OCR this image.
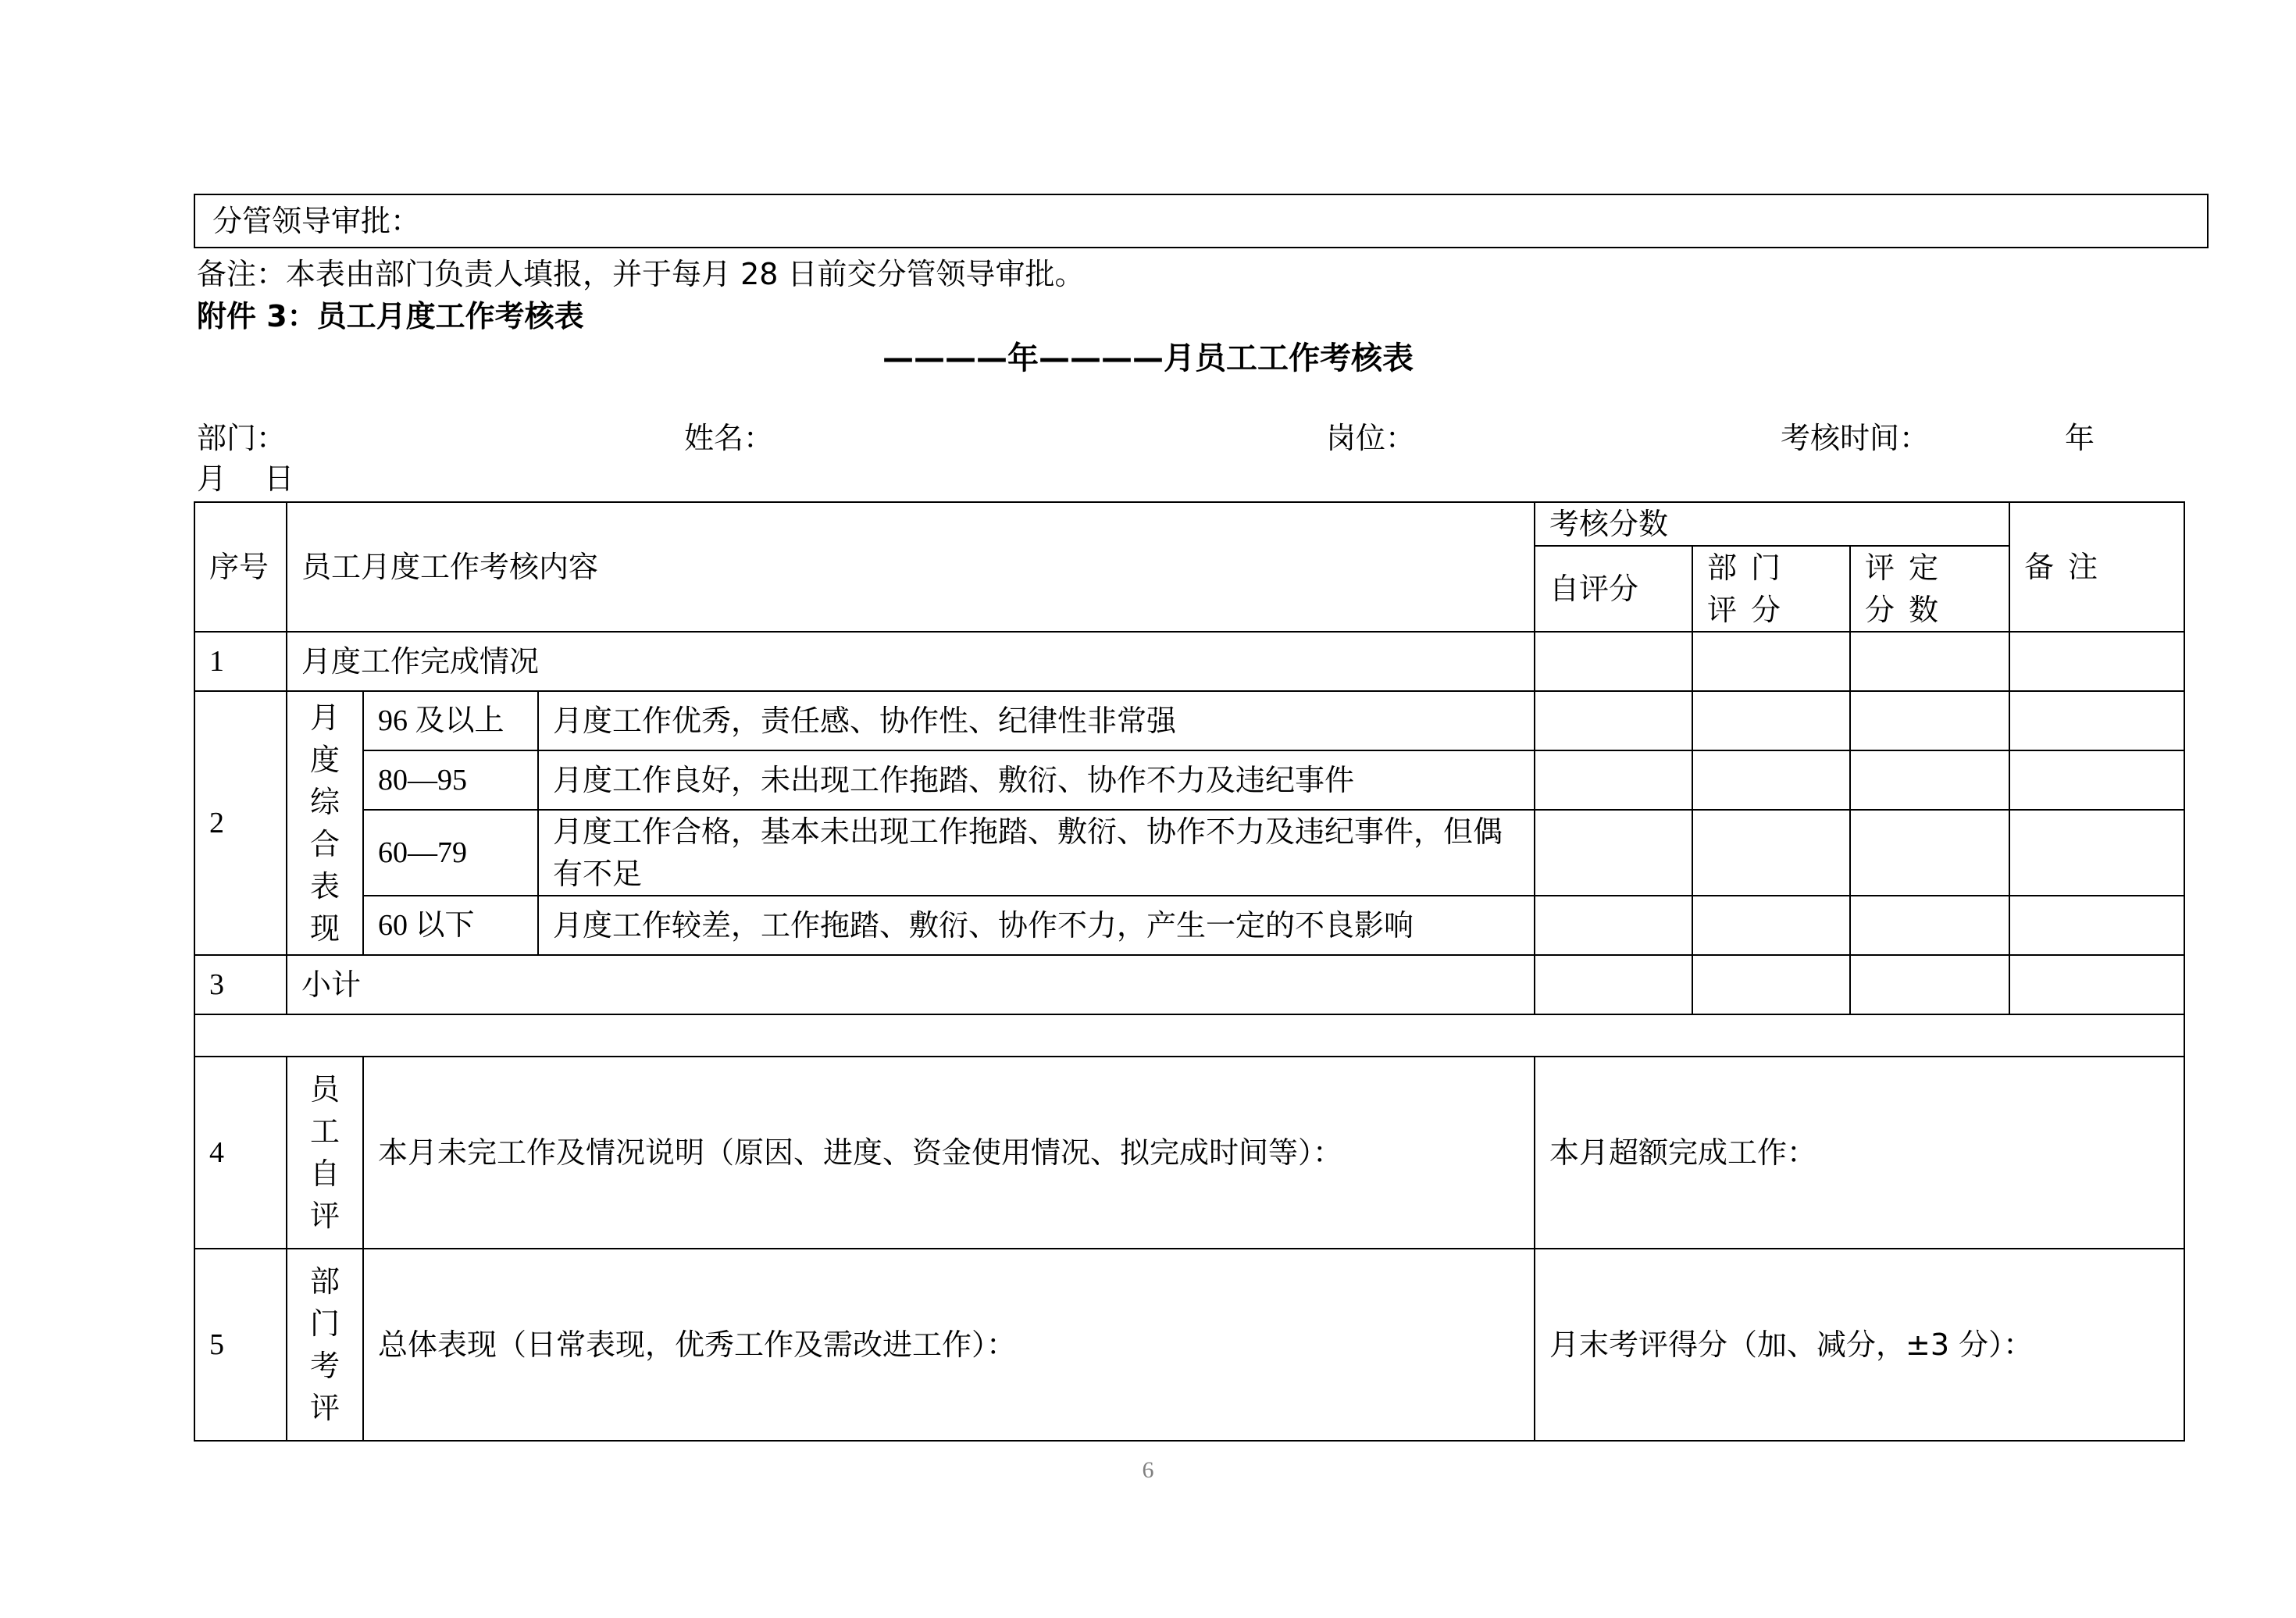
分管领导审批：
备注：本表由部门负责人填报，并于每月 28 日前交分管领导审批。
附件 3：员工月度工作考核表
————年————月员工工作考核表
部门：	姓名：	岗位：	考核时间：	年
月    日
序号	员工月度工作考核内容			考核分数			备注
				自评分	部门评分	评定分数	
1	月度工作完成情况						
2	月度综合表现	96 及以上	月度工作优秀，责任感、协作性、纪律性非常强				
		80—95	月度工作良好，未出现工作拖踏、敷衍、协作不力及违纪事件				
		60—79	月度工作合格，基本未出现工作拖踏、敷衍、协作不力及违纪事件，但偶有不足				
		60 以下	月度工作较差，工作拖踏、敷衍、协作不力，产生一定的不良影响				
3	小计						

4	员工自评	本月未完工作及情况说明（原因、进度、资金使用情况、拟完成时间等）：		本月超额完成工作：			
5	部门考评	总体表现（日常表现，优秀工作及需改进工作）：		月末考评得分（加、减分，±3 分）：			
6
